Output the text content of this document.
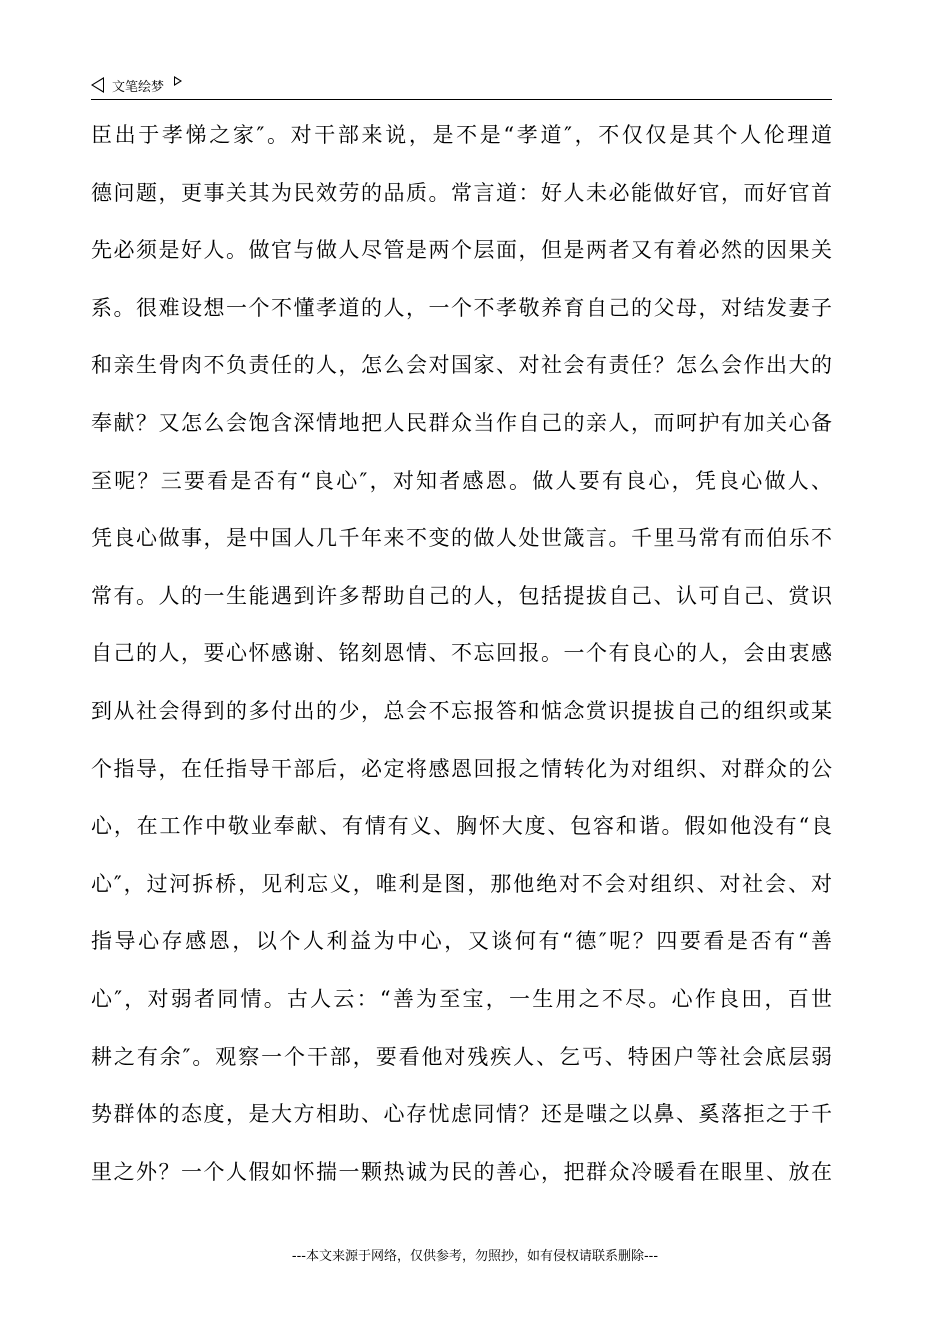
文笔绘梦
臣出于孝悌之家″。对干部来说，是不是“孝道″，不仅仅是其个人伦理道
德问题，更事关其为民效劳的品质。常言道：好人未必能做好官，而好官首
先必须是好人。做官与做人尽管是两个层面，但是两者又有着必然的因果关
系。很难设想一个不懂孝道的人，一个不孝敬养育自己的父母，对结发妻子
和亲生骨肉不负责任的人，怎么会对国家、对社会有责任？怎么会作出大的
奉献？又怎么会饱含深情地把人民群众当作自己的亲人，而呵护有加关心备
至呢？三要看是否有“良心″，对知者感恩。做人要有良心，凭良心做人、
凭良心做事，是中国人几千年来不变的做人处世箴言。千里马常有而伯乐不
常有。人的一生能遇到许多帮助自己的人，包括提拔自己、认可自己、赏识
自己的人，要心怀感谢、铭刻恩情、不忘回报。一个有良心的人，会由衷感
到从社会得到的多付出的少，总会不忘报答和惦念赏识提拔自己的组织或某
个指导，在任指导干部后，必定将感恩回报之情转化为对组织、对群众的公
心，在工作中敬业奉献、有情有义、胸怀大度、包容和谐。假如他没有“良
心″，过河拆桥，见利忘义，唯利是图，那他绝对不会对组织、对社会、对
指导心存感恩，以个人利益为中心，又谈何有“德″呢？四要看是否有“善
心″，对弱者同情。古人云：“善为至宝，一生用之不尽。心作良田，百世
耕之有余″。观察一个干部，要看他对残疾人、乞丐、特困户等社会底层弱
势群体的态度，是大方相助、心存忧虑同情？还是嗤之以鼻、奚落拒之于千
里之外？一个人假如怀揣一颗热诚为民的善心，把群众冷暖看在眼里、放在
---本文来源于网络，仅供参考，勿照抄，如有侵权请联系删除---
